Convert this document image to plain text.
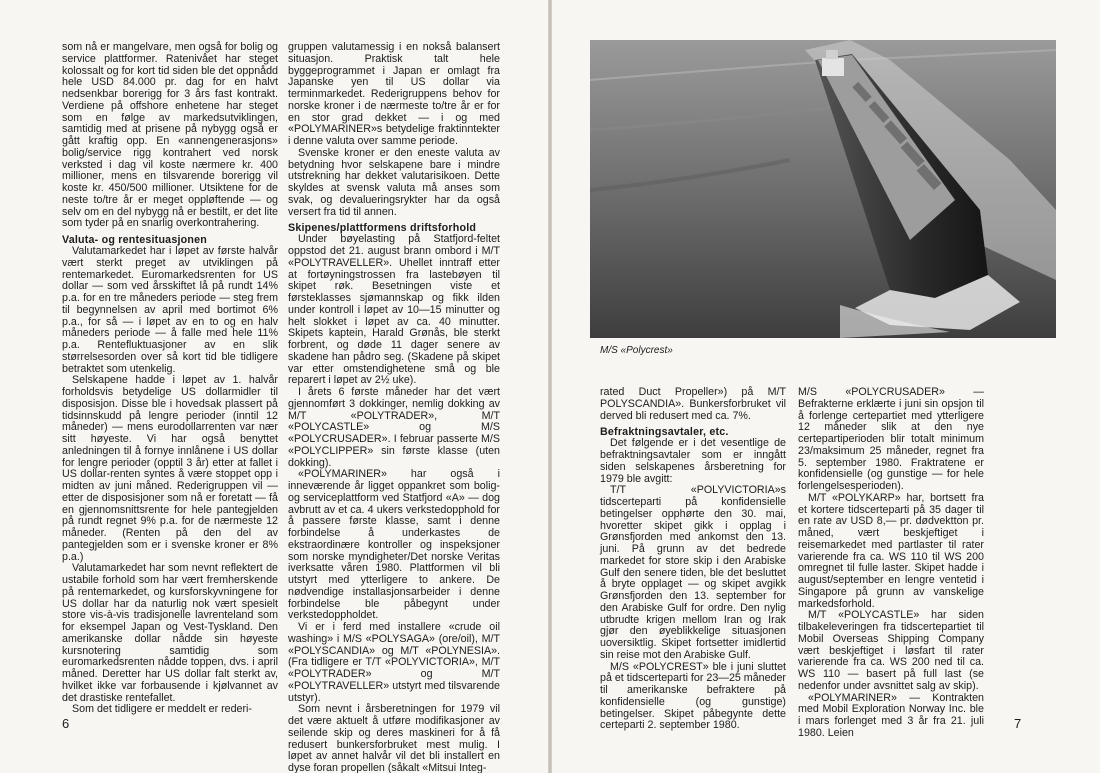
som nå er mangelvare, men også for bolig og service plattformer. Ratenivået har steget kolossalt og for kort tid siden ble det oppnådd hele USD 84.000 pr. dag for en halvt nedsenkbar borerigg for 3 års fast kontrakt. Verdiene på offshore enhetene har steget som en følge av markedsutviklingen, samtidig med at prisene på nybygg også er gått kraftig opp. En «annengenerasjons» bolig/service rigg kontrahert ved norsk verksted i dag vil koste nærmere kr. 400 millioner, mens en tilsvarende borerigg vil koste kr. 450/500 millioner. Utsiktene for de neste to/tre år er meget oppløftende — og selv om en del nybygg nå er bestilt, er det lite som tyder på en snarlig overkontrahering.

Valuta- og rentesituasjonen

Valutamarkedet har i løpet av første halvår vært sterkt preget av utviklingen på rentemarkedet. Euromarkedsrenten for US dollar — som ved årsskiftet lå på rundt 14% p.a. for en tre måneders periode — steg frem til begynnelsen av april med bortimot 6% p.a., for så — i løpet av en to og en halv måneders periode — å falle med hele 11% p.a. Rentefluktuasjoner av en slik størrelsesorden over så kort tid ble tidligere betraktet som utenkelig.

Selskapene hadde i løpet av 1. halvår forholdsvis betydelige US dollarmidler til disposisjon. Disse ble i hovedsak plassert på tidsinnskudd på lengre perioder (inntil 12 måneder) — mens eurodollarrenten var nær sitt høyeste. Vi har også benyttet anledningen til å fornye innlånene i US dollar for lengre perioder (opptil 3 år) etter at fallet i US dollar-renten syntes å være stoppet opp i midten av juni måned. Rederigruppen vil — etter de disposisjoner som nå er foretatt — få en gjennomsnittsrente for hele pantegjelden på rundt regnet 9% p.a. for de nærmeste 12 måneder. (Renten på den del av pantegjelden som er i svenske kroner er 8% p.a.)

Valutamarkedet har som nevnt reflektert de ustabile forhold som har vært fremherskende på rentemarkedet, og kursforskyvningene for US dollar har da naturlig nok vært spesielt store vis-à-vis tradisjonelle lavrenteland som for eksempel Japan og Vest-Tyskland. Den amerikanske dollar nådde sin høyeste kursnotering samtidig som euromarkedsrenten nådde toppen, dvs. i april måned. Deretter har US dollar falt sterkt av, hvilket ikke var forbausende i kjølvannet av det drastiske rentefallet.

Som det tidligere er meddelt er rederi-

gruppen valutamessig i en nokså balansert situasjon. Praktisk talt hele byggeprogrammet i Japan er omlagt fra Japanske yen til US dollar via terminmarkedet. Rederigruppens behov for norske kroner i de nærmeste to/tre år er for en stor grad dekket — i og med «POLYMARINER»s betydelige fraktinntekter i denne valuta over samme periode.

Svenske kroner er den eneste valuta av betydning hvor selskapene bare i mindre utstrekning har dekket valutarisikoen. Dette skyldes at svensk valuta må anses som svak, og devalueringsrykter har da også versert fra tid til annen.

Skipenes/plattformens driftsforhold

Under bøyelasting på Statfjord-feltet oppstod det 21. august brann ombord i M/T «POLYTRAVELLER». Uhellet inntraff etter at fortøyningstrossen fra lastebøyen til skipet røk. Besetningen viste et førsteklasses sjømannskap og fikk ilden under kontroll i løpet av 10—15 minutter og helt slokket i løpet av ca. 40 minutter. Skipets kaptein, Harald Grønås, ble sterkt forbrent, og døde 11 dager senere av skadene han pådro seg. (Skadene på skipet var etter omstendighetene små og ble reparert i løpet av 2½ uke).

I årets 6 første måneder har det vært gjennomført 3 dokkinger, nemlig dokking av M/T «POLYTRADER», M/T «POLYCASTLE» og M/S «POLYCRUSADER». I februar passerte M/S «POLYCLIPPER» sin første klasse (uten dokking).

«POLYMARINER» har også i inneværende år ligget oppankret som bolig- og serviceplattform ved Statfjord «A» — dog avbrutt av et ca. 4 ukers verkstedopphold for å passere første klasse, samt i denne forbindelse å underkastes de ekstraordinære kontroller og inspeksjoner som norske myndigheter/Det norske Veritas iverksatte våren 1980. Plattformen vil bli utstyrt med ytterligere to ankere. De nødvendige installasjonsarbeider i denne forbindelse ble påbegynt under verkstedoppholdet.

Vi er i ferd med installere «crude oil washing» i M/S «POLYSAGA» (ore/oil), M/T «POLYSCANDIA» og M/T «POLYNESIA». (Fra tidligere er T/T «POLYVICTORIA», M/T «POLYTRADER» og M/T «POLYTRAVELLER» utstyrt med tilsvarende utstyr).

Som nevnt i årsberetningen for 1979 vil det være aktuelt å utføre modifikasjoner av seilende skip og deres maskineri for å få redusert bunkersforbruket mest mulig. I løpet av annet halvår vil det bli installert en dyse foran propellen (såkalt «Mitsui Integ-

6
M/S «Polycrest»

rated Duct Propeller») på M/T POLYSCANDIA». Bunkersforbruket vil derved bli redusert med ca. 7%.

Befraktningsavtaler, etc.

Det følgende er i det vesentlige de befraktningsavtaler som er inngått siden selskapenes årsberetning for 1979 ble avgitt:

T/T «POLYVICTORIA»s tidscerteparti på konfidensielle betingelser opphørte den 30. mai, hvoretter skipet gikk i opplag i Grønsfjorden med ankomst den 13. juni. På grunn av det bedrede markedet for store skip i den Arabiske Gulf den senere tiden, ble det besluttet å bryte opplaget — og skipet avgikk Grønsfjorden den 13. september for den Arabiske Gulf for ordre. Den nylig utbrudte krigen mellom Iran og Irak gjør den øyeblikkelige situasjonen uoversiktlig. Skipet fortsetter imidlertid sin reise mot den Arabiske Gulf.

M/S «POLYCREST» ble i juni sluttet på et tidscerteparti for 23—25 måneder til amerikanske befraktere på konfidensielle (og gunstige) betingelser. Skipet påbegynte dette certeparti 2. september 1980.

M/S «POLYCRUSADER» — Befrakterne erklærte i juni sin opsjon til å forlenge certepartiet med ytterligere 12 måneder slik at den nye certepartiperioden blir totalt minimum 23/maksimum 25 måneder, regnet fra 5. september 1980. Fraktratene er konfidensielle (og gunstige — for hele forlengelsesperioden).

M/T «POLYKARP» har, bortsett fra et kortere tidscerteparti på 35 dager til en rate av USD 8,— pr. dødvektton pr. måned, vært beskjeftiget i reisemarkedet med partlaster til rater varierende fra ca. WS 110 til WS 200 omregnet til fulle laster. Skipet hadde i august/september en lengre ventetid i Singapore på grunn av vanskelige markedsforhold.

M/T «POLYCASTLE» har siden tilbakeleveringen fra tidscertepartiet til Mobil Overseas Shipping Company vært beskjeftiget i løsfart til rater varierende fra ca. WS 200 ned til ca. WS 110 — basert på full last (se nedenfor under avsnittet salg av skip).

«POLYMARINER» — Kontrakten med Mobil Exploration Norway Inc. ble i mars forlenget med 3 år fra 21. juli 1980. Leien

7
